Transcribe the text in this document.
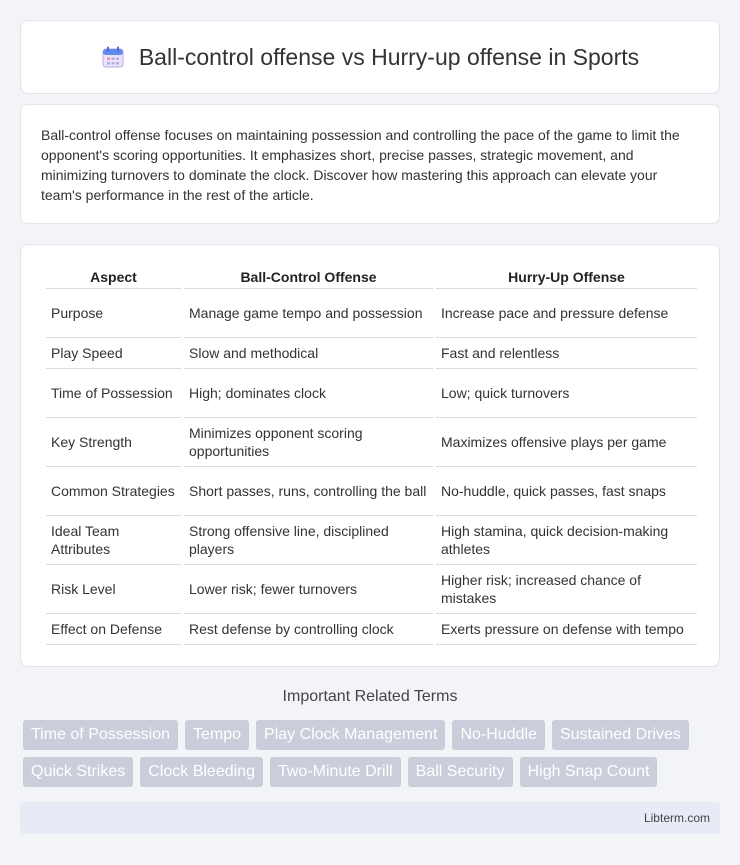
Ball-control offense vs Hurry-up offense in Sports

Ball-control offense focuses on maintaining possession and controlling the pace of the game to limit the opponent's scoring opportunities. It emphasizes short, precise passes, strategic movement, and minimizing turnovers to dominate the clock. Discover how mastering this approach can elevate your team's performance in the rest of the article.

Aspect	Ball-Control Offense	Hurry-Up Offense
Purpose	Manage game tempo and possession	Increase pace and pressure defense
Play Speed	Slow and methodical	Fast and relentless
Time of Possession	High; dominates clock	Low; quick turnovers
Key Strength	Minimizes opponent scoring opportunities	Maximizes offensive plays per game
Common Strategies	Short passes, runs, controlling the ball	No-huddle, quick passes, fast snaps
Ideal Team Attributes	Strong offensive line, disciplined players	High stamina, quick decision-making athletes
Risk Level	Lower risk; fewer turnovers	Higher risk; increased chance of mistakes
Effect on Defense	Rest defense by controlling clock	Exerts pressure on defense with tempo
Important Related Terms
Time of Possession	Tempo	Play Clock Management	No-Huddle	Sustained Drives
Quick Strikes	Clock Bleeding	Two-Minute Drill	Ball Security	High Snap Count
Libterm.com
